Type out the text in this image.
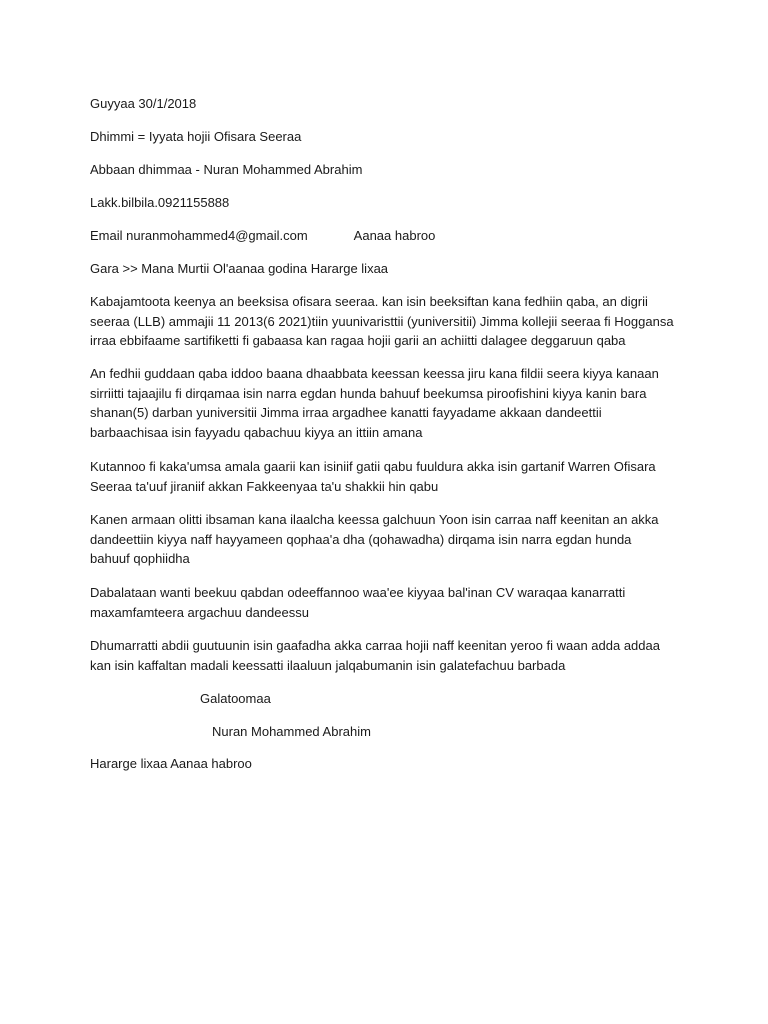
Guyyaa 30/1/2018
Dhimmi = Iyyata hojii Ofisara Seeraa
Abbaan dhimmaa - Nuran Mohammed Abrahim
Lakk.bilbila.0921155888
Email nuranmohammed4@gmail.com	Aanaa habroo
Gara >> Mana Murtii Ol'aanaa godina Hararge lixaa
Kabajamtoota keenya an beeksisa ofisara seeraa. kan isin beeksiftan kana fedhiin qaba, an digrii seeraa (LLB) ammajii 11 2013(6 2021)tiin yuunivaristtii (yuniversitii) Jimma kollejii seeraa fi Hoggansa irraa ebbifaame sartifiketti fi gabaasa kan ragaa hojii garii an achiitti dalagee deggaruun qaba
An fedhii guddaan qaba iddoo baana dhaabbata keessan keessa jiru kana fildii seera kiyya kanaan sirriitti tajaajilu fi dirqamaa isin narra egdan hunda bahuuf beekumsa piroofishini kiyya kanin bara shanan(5) darban yuniversitii Jimma irraa argadhee kanatti fayyadame akkaan dandeettii barbaachisaa isin fayyadu qabachuu kiyya an ittiin amana
Kutannoo fi kaka'umsa amala gaarii kan isiniif gatii qabu fuuldura akka isin gartanif Warren Ofisara Seeraa ta'uuf jiraniif akkan Fakkeenyaa ta'u shakkii hin qabu
Kanen armaan olitti ibsaman kana ilaalcha keessa galchuun Yoon isin carraa naff keenitan an akka dandeettiin kiyya naff hayyameen qophaa'a dha (qohawadha) dirqama isin narra egdan hunda bahuuf qophiidha
Dabalataan wanti beekuu qabdan odeeffannoo waa'ee kiyyaa bal'inan CV waraqaa kanarratti maxamfamteera argachuu dandeessu
Dhumarratti abdii guutuunin isin gaafadha akka carraa hojii naff keenitan yeroo fi waan adda addaa kan isin kaffaltan madali keessatti ilaaluun jalqabumanin isin galatefachuu barbada
Galatoomaa
Nuran Mohammed Abrahim
Hararge lixaa Aanaa habroo
